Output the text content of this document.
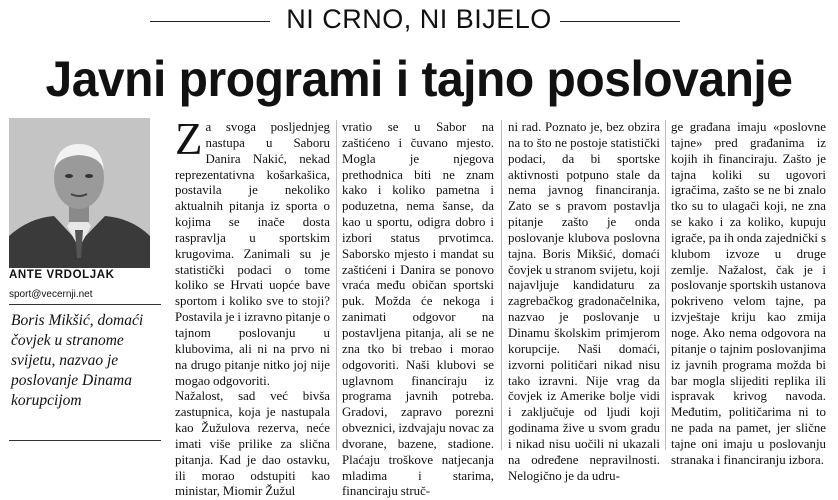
NI CRNO, NI BIJELO
Javni programi i tajno poslovanje
ANTE VRDOLJAK
sport@vecernji.net
Boris Mikšić, domaći čovjek u stranome svijetu, nazvao je poslovanje Dinama korupcijom
Za svoga posljednjeg nastupa u Saboru Danira Nakić, nekad reprezentativna košarkašica, postavila je nekoliko aktualnih pitanja iz sporta o kojima se inače dosta raspravlja u sportskim krugovima. Zanimali su je statistički podaci o tome koliko se Hrvati uopće bave sportom i koliko sve to stoji? Postavila je i izravno pitanje o tajnom poslovanju u klubovima, ali ni na prvo ni na drugo pitanje nitko joj nije mogao odgovoriti.
Nažalost, sad već bivša zastupnica, koja je nastupala kao Žužulova rezerva, neće imati više prilike za slična pitanja. Kad je dao ostavku, ili morao odstupiti kao ministar, Miomir Žužul
vratio se u Sabor na zaštićeno i čuvano mjesto. Mogla je njegova prethodnica biti ne znam kako i koliko pametna i poduzetna, nema šanse, da kao u sportu, odigra dobro i izbori status prvotimca. Saborsko mjesto i mandat su zaštićeni i Danira se ponovo vraća među običan sportski puk. Možda će nekoga i zanimati odgovor na postavljena pitanja, ali se ne zna tko bi trebao i morao odgovoriti. Naši klubovi se uglavnom financiraju iz programa javnih potreba. Gradovi, zapravo porezni obveznici, izdvajaju novac za dvorane, bazene, stadione. Plaćaju troškove natjecanja mladima i starima, financiraju struč-
ni rad. Poznato je, bez obzira na to što ne postoje statistički podaci, da bi sportske aktivnosti potpuno stale da nema javnog financiranja. Zato se s pravom postavlja pitanje zašto je onda poslovanje klubova poslovna tajna. Boris Mikšić, domaći čovjek u stranom svijetu, koji najavljuje kandidaturu za zagrebačkog gradonačelnika, nazvao je poslovanje u Dinamu školskim primjerom korupcije. Naši domaći, izvorni političari nikad nisu tako izravni. Nije vrag da čovjek iz Amerike bolje vidi i zaključuje od ljudi koji godinama žive u svom gradu i nikad nisu uočili ni ukazali na određene nepravilnosti. Nelogično je da udru-
ge građana imaju «poslovne tajne» pred građanima iz kojih ih financiraju. Zašto je tajna koliki su ugovori igračima, zašto se ne bi znalo tko su to ulagači koji, ne zna se kako i za koliko, kupuju igrače, pa ih onda zajednički s klubom izvoze u druge zemlje. Nažalost, čak je i poslovanje sportskih ustanova pokriveno velom tajne, pa izvještaje kriju kao zmija noge. Ako nema odgovora na pitanje o tajnim poslovanjima iz javnih programa možda bi bar mogla slijediti replika ili ispravak krivog navoda. Međutim, političarima ni to ne pada na pamet, jer slične tajne oni imaju u poslovanju stranaka i financiranju izbora.
